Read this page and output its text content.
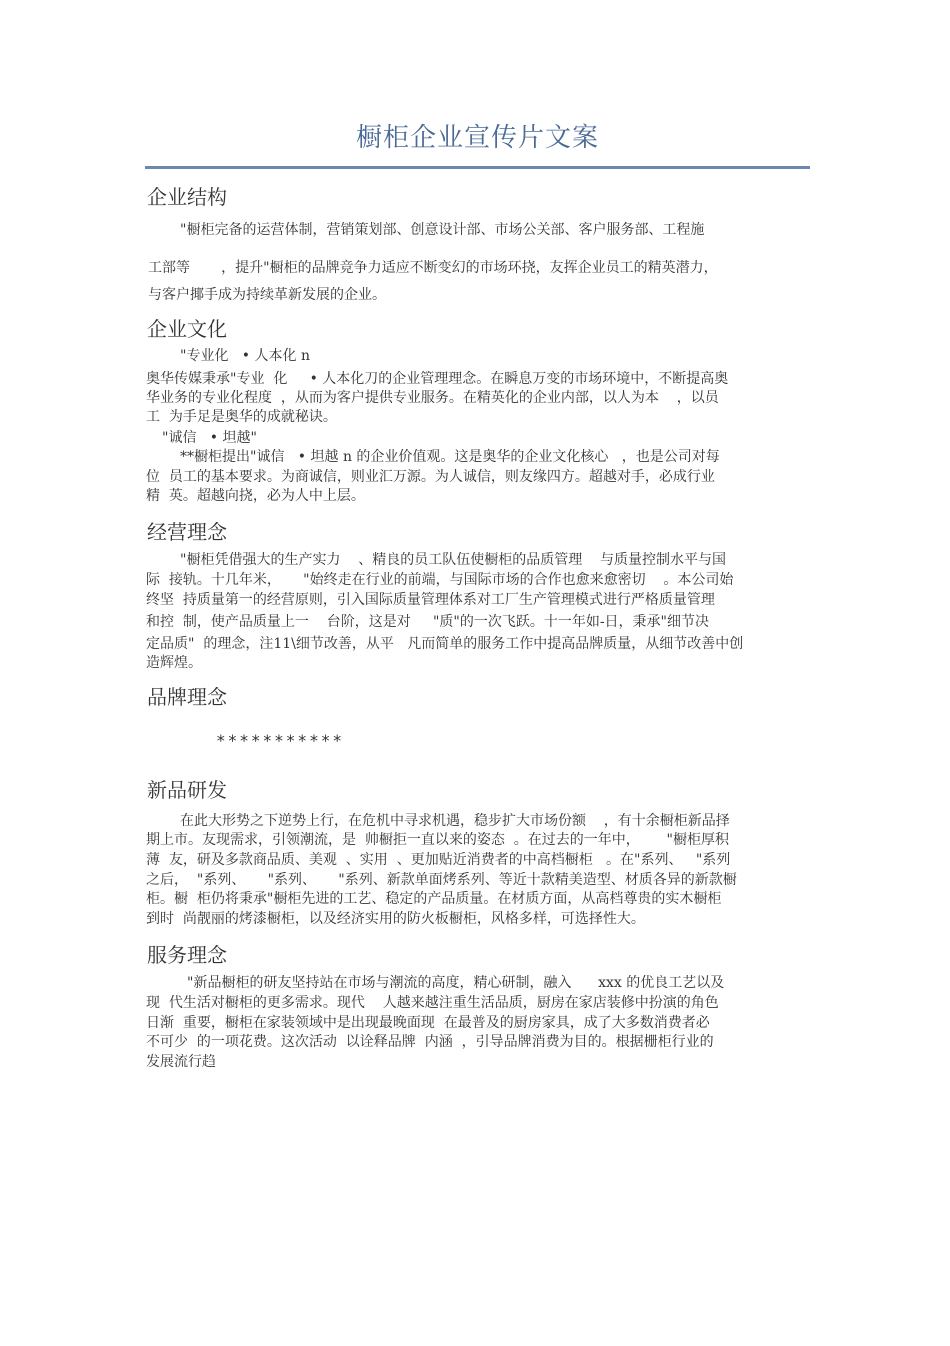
橱柜企业宣传片文案
企业结构
"橱柜完备的运营体制，营销策划部、创意设计部、市场公关部、客户服务部、工程施
工部等       ，提升"橱柜的品牌竞争力适应不断变幻的市场环挠，友挥企业员工的精英潜力，
与客户揶手成为持续革新发展的企业。
企业文化
"专业化   • 人本化 n
奥华传媒秉承"专业  化     • 人本化刀的企业管理理念。在瞬息万变的市场环境中，不断提高奥
华业务的专业化程度  ，从而为客户提供专业服务。在精英化的企业内部，以人为本    ，以员
工  为手足是奥华的成就秘诀。
"诚信   • 坦越"
**橱柜提出"诚信   • 坦越 n 的企业价值观。这是奥华的企业文化核心   ，也是公司对每
位  员工的基本要求。为商诚信，则业汇万源。为人诚信，则友缘四方。超越对手，必成行业
精  英。超越向挠，必为人中上层。
经营理念
"橱柜凭借强大的生产实力    、精良的员工队伍使橱柜的品质管理    与质量控制水平与国
际  接轨。十几年米，     "始终走在行业的前端，与国际市场的合作也愈来愈密切    。本公司始
终坚  持质量第一的经营原则，引入国际质量管理体系对工厂生产管理模式进行严格质量管理
和控  制，使产品质量上一    台阶，这是对     "质"的一次飞跃。十一年如-日，秉承"细节决
定品质"  的理念，注11\细节改善，从平   凡而简单的服务工作中提高品牌质量，从细节改善中创
造辉煌。
品牌理念
***********
新品研发
在此大形势之下逆势上行，在危机中寻求机遇，稳步扩大市场份额    ，有十余橱柜新品择
期上市。友现需求，引领潮流，是  帅橱拒一直以来的姿态  。在过去的一年中，      "橱柜厚积
薄  友，研及多款商品质、美观  、实用  、更加贴近消费者的中高档橱柜   。在"系列、   "系列
之后，  "系列、     "系列、     "系列、新款单面烤系列、等近十款精美造型、材质各异的新款橱
柜。橱  柜仍将秉承"橱柜先进的工艺、稳定的产品质量。在材质方面，从高档尊贵的实木橱柜
到时  尚靓丽的烤漆橱柜，以及经济实用的防火板橱柜，风格多样，可选择性大。
服务理念
"新品橱柜的研友坚持站在市场与潮流的高度，精心研制，融入      xxx 的优良工艺以及
现  代生活对橱柜的更多需求。现代    人越来越注重生活品质，厨房在家店装修中扮演的角色
日渐  重要，橱柜在家装领域中是出现最晚面现  在最普及的厨房家具，成了大多数消费者必
不可少  的一项花费。这次活动  以诠释品牌  内涵  ，引导品牌消费为目的。根据栅柜行业的
发展流行趋
